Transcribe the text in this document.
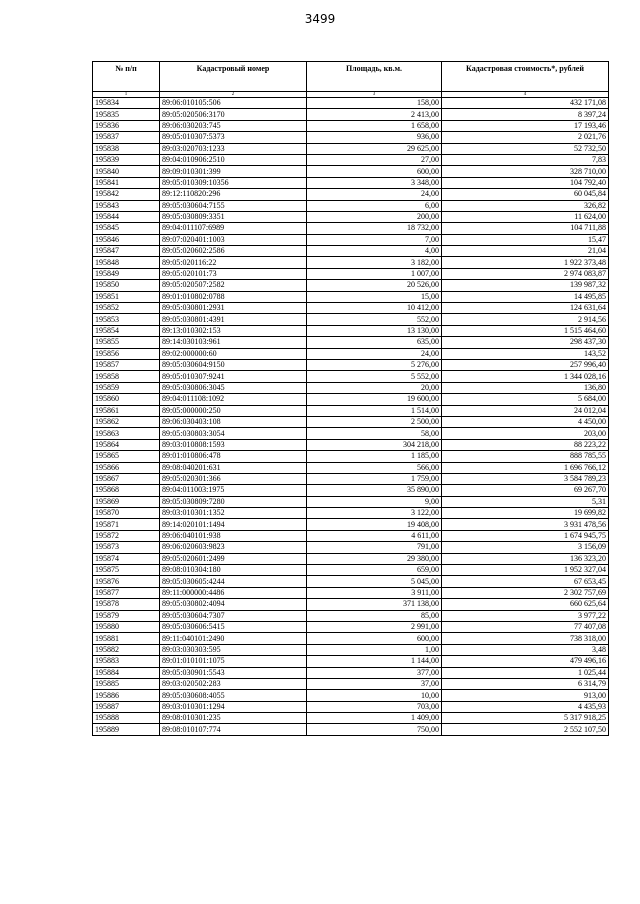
3499
№ п/п	Кадастровый номер	Площадь, кв.м.	Кадастровая стоимость*, рублей
1	2	3	4
195834	89:06:010105:506	158,00	432 171,08
195835	89:05:020506:3170	2 413,00	8 397,24
195836	89:06:030203:745	1 658,00	17 193,46
195837	89:05:010307:5373	936,00	2 021,76
195838	89:03:020703:1233	29 625,00	52 732,50
195839	89:04:010906:2510	27,00	7,83
195840	89:09:010301:399	600,00	328 710,00
195841	89:05:010309:10356	3 348,00	104 792,40
195842	89:12:110820:296	24,00	60 045,84
195843	89:05:030604:7155	6,00	326,82
195844	89:05:030809:3351	200,00	11 624,00
195845	89:04:011107:6989	18 732,00	104 711,88
195846	89:07:020401:1003	7,00	15,47
195847	89:05:020602:2586	4,00	21,04
195848	89:05:020116:22	3 182,00	1 922 373,48
195849	89:05:020101:73	1 007,00	2 974 083,87
195850	89:05:020507:2582	20 526,00	139 987,32
195851	89:01:010802:0788	15,00	14 495,85
195852	89:05:030801:2931	10 412,00	124 631,64
195853	89:05:030801:4391	552,00	2 914,56
195854	89:13:010302:153	13 130,00	1 515 464,60
195855	89:14:030103:961	635,00	298 437,30
195856	89:02:000000:60	24,00	143,52
195857	89:05:030604:9150	5 276,00	257 996,40
195858	89:05:010307:9241	5 552,00	1 344 028,16
195859	89:05:030806:3045	20,00	136,80
195860	89:04:011108:1092	19 600,00	5 684,00
195861	89:05:000000:250	1 514,00	24 012,04
195862	89:06:030403:108	2 500,00	4 450,00
195863	89:05:030803:3054	58,00	203,00
195864	89:03:010808:1593	304 218,00	88 223,22
195865	89:01:010806:478	1 185,00	888 785,55
195866	89:08:040201:631	566,00	1 696 766,12
195867	89:05:020301:366	1 759,00	3 584 789,23
195868	89:04:011003:1975	35 890,00	69 267,70
195869	89:05:030809:7280	9,00	5,31
195870	89:03:010301:1352	3 122,00	19 699,82
195871	89:14:020101:1494	19 408,00	3 931 478,56
195872	89:06:040101:938	4 611,00	1 674 945,75
195873	89:06:020603:9823	791,00	3 156,09
195874	89:05:020601:2499	29 380,00	136 323,20
195875	89:08:010304:180	659,00	1 952 327,04
195876	89:05:030605:4244	5 045,00	67 653,45
195877	89:11:000000:4486	3 911,00	2 302 757,69
195878	89:05:030802:4094	371 138,00	660 625,64
195879	89:05:030604:7307	85,00	3 977,22
195880	89:05:030606:5415	2 991,00	77 407,08
195881	89:11:040101:2490	600,00	738 318,00
195882	89:03:030303:595	1,00	3,48
195883	89:01:010101:1075	1 144,00	479 496,16
195884	89:05:030901:5543	377,00	1 025,44
195885	89:03:020502:283	37,00	6 314,79
195886	89:05:030608:4055	10,00	913,00
195887	89:03:010301:1294	703,00	4 435,93
195888	89:08:010301:235	1 409,00	5 317 918,25
195889	89:08:010107:774	750,00	2 552 107,50
